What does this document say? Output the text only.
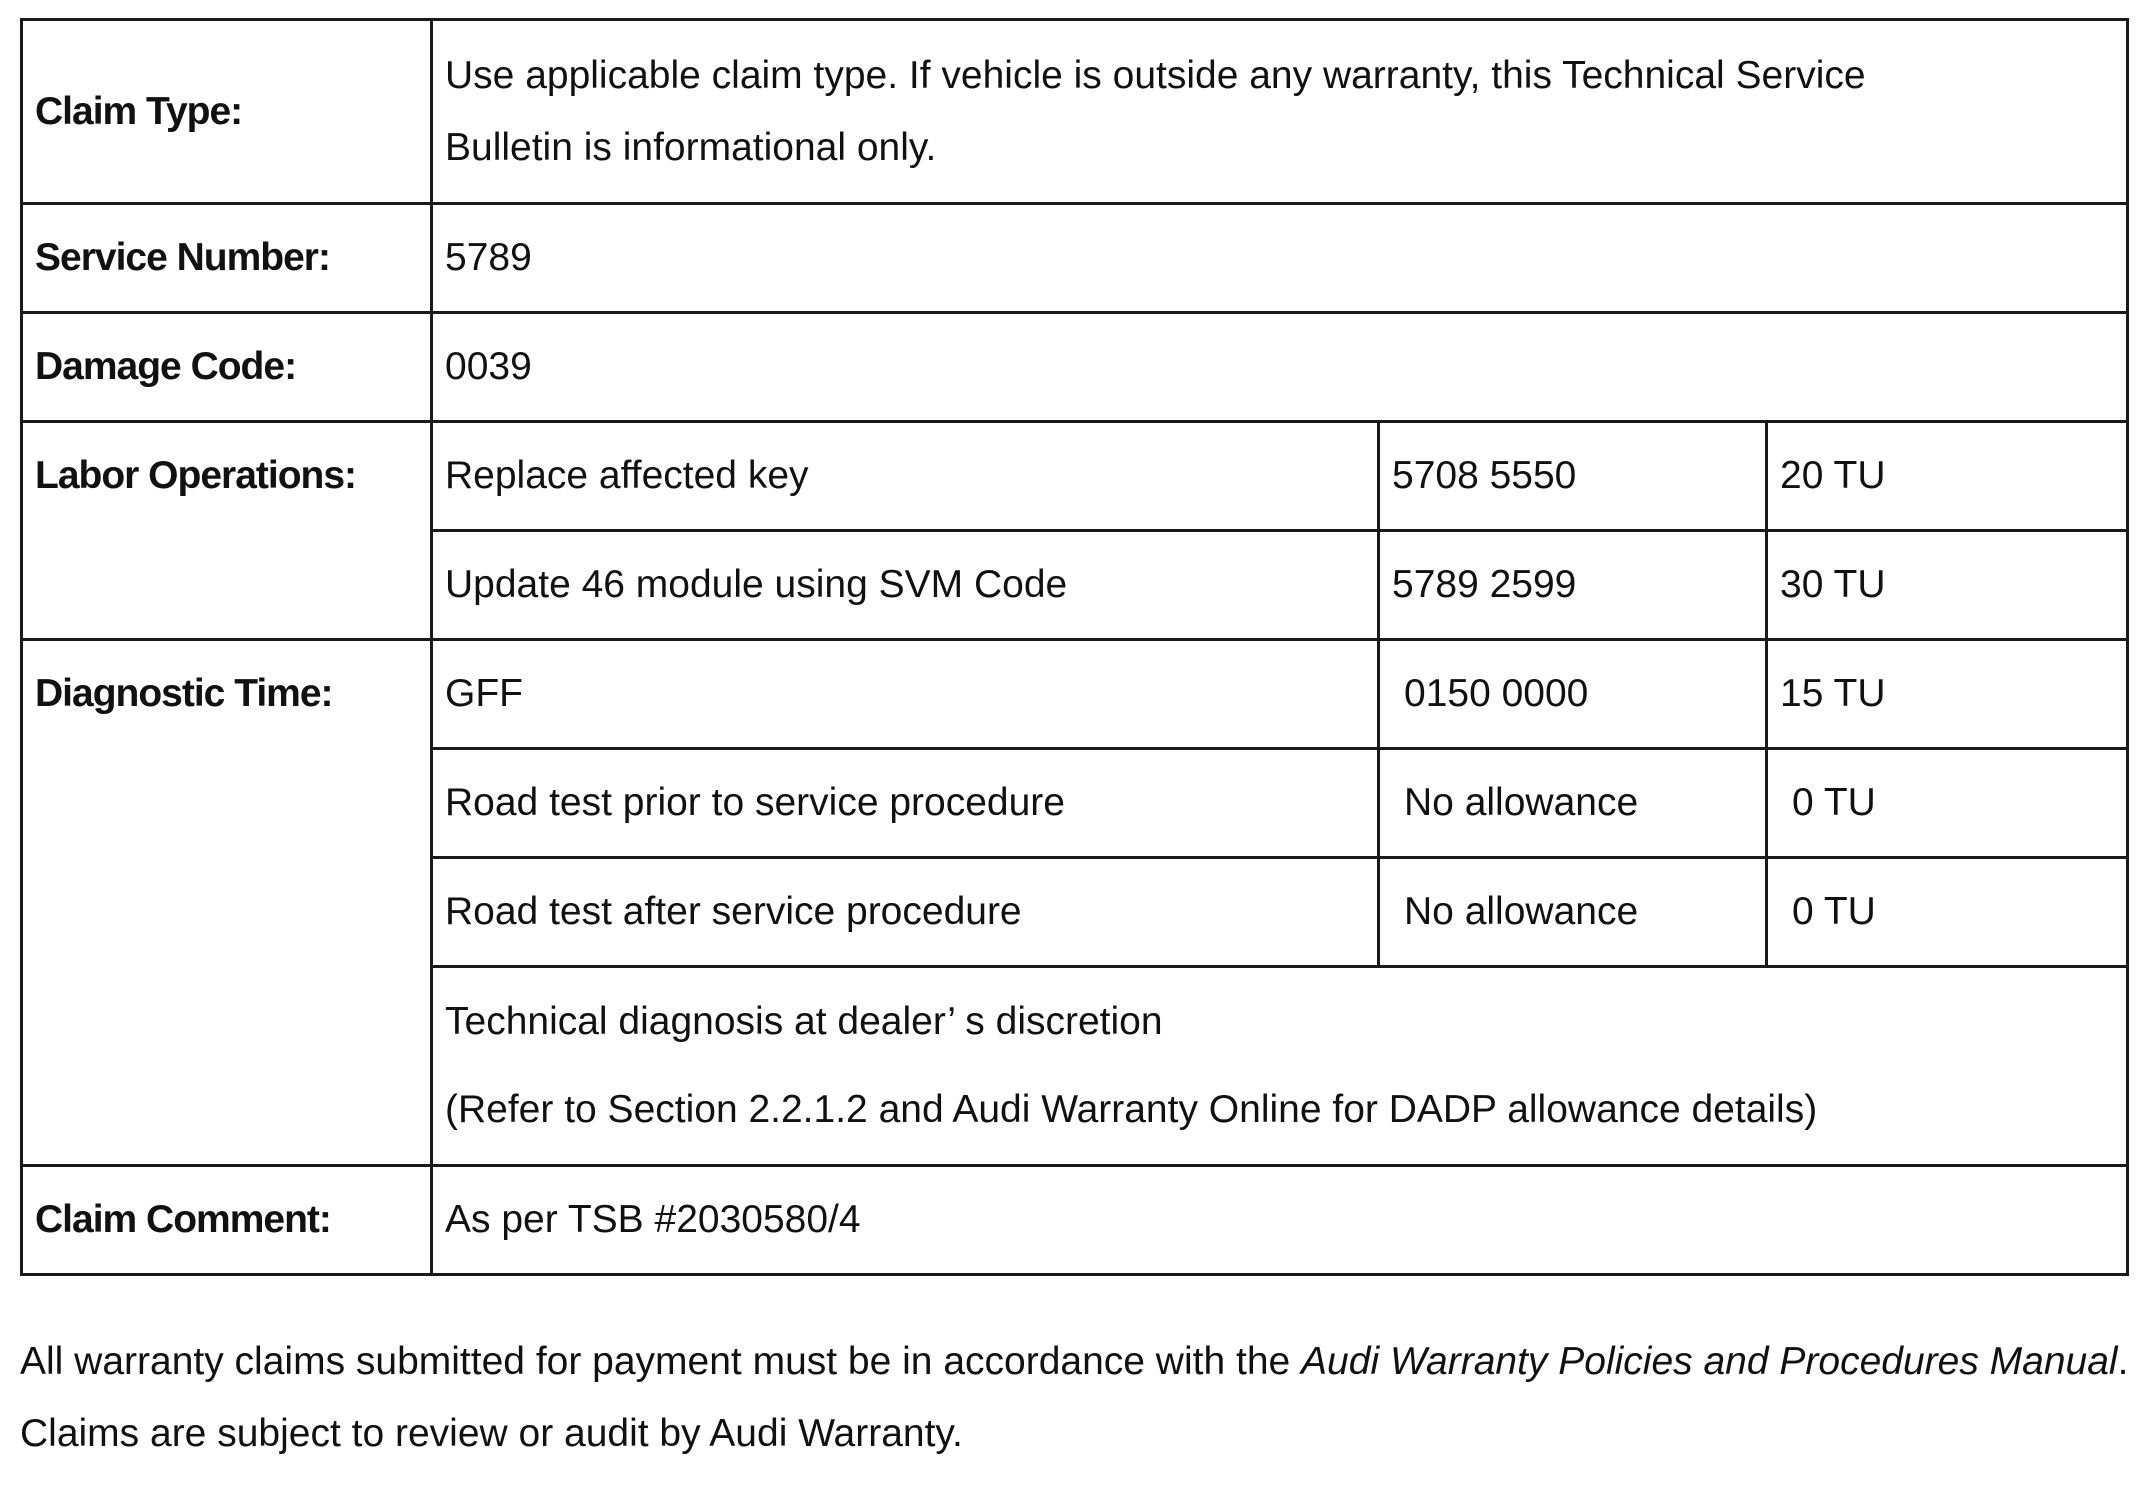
Claim Type:	Use applicable claim type. If vehicle is outside any warranty, this Technical Service
Bulletin is informational only.		

Service Number:	5789		
Damage Code:	0039		

Labor Operations:	Replace affected key	5708 5550	20 TU
	Update 46 module using SVM Code	5789 2599	30 TU

Diagnostic Time:	GFF	0150 0000	15 TU
	Road test prior to service procedure	No allowance	0 TU
	Road test after service procedure	No allowance	0 TU

	Technical diagnosis at dealer’ s discretion
(Refer to Section 2.2.1.2 and Audi Warranty Online for DADP allowance details)		

Claim Comment:	As per TSB #2030580/4		

All warranty claims submitted for payment must be in accordance with the Audi Warranty Policies and Procedures Manual. Claims are subject to review or audit by Audi Warranty.
